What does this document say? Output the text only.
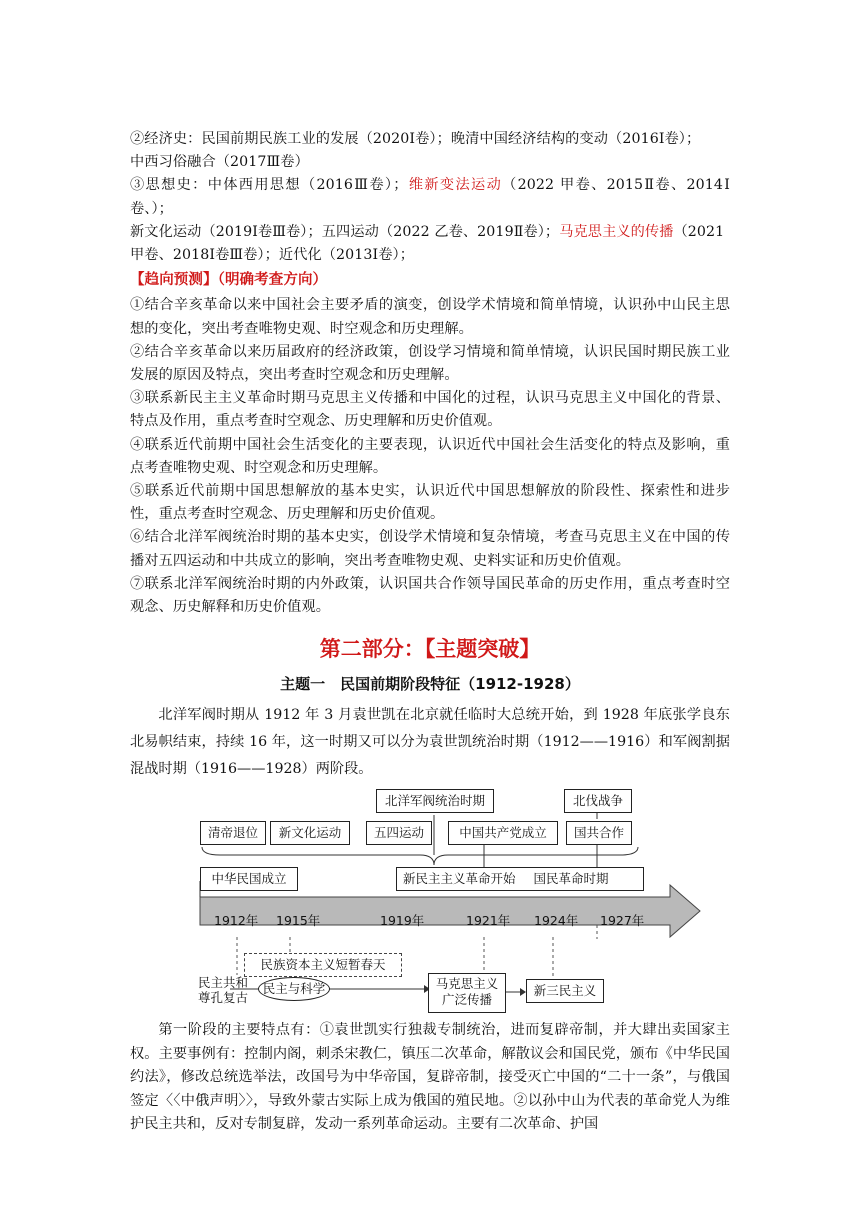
②经济史：民国前期民族工业的发展（2020Ⅰ卷）；晚清中国经济结构的变动（2016Ⅰ卷）；
中西习俗融合（2017Ⅲ卷）

③思想史：中体西用思想（2016Ⅲ卷）；维新变法运动（2022 甲卷、2015Ⅱ卷、2014Ⅰ卷、）；
新文化运动（2019Ⅰ卷Ⅲ卷）；五四运动（2022 乙卷、2019Ⅱ卷）；马克思主义的传播（2021
甲卷、2018Ⅰ卷Ⅲ卷）；近代化（2013Ⅰ卷）；

【趋向预测】（明确考查方向）

①结合辛亥革命以来中国社会主要矛盾的演变，创设学术情境和简单情境，认识孙中山民主思想的变化，突出考查唯物史观、时空观念和历史理解。

②结合辛亥革命以来历届政府的经济政策，创设学习情境和简单情境，认识民国时期民族工业发展的原因及特点，突出考查时空观念和历史理解。

③联系新民主主义革命时期马克思主义传播和中国化的过程，认识马克思主义中国化的背景、特点及作用，重点考查时空观念、历史理解和历史价值观。

④联系近代前期中国社会生活变化的主要表现，认识近代中国社会生活变化的特点及影响，重点考查唯物史观、时空观念和历史理解。

⑤联系近代前期中国思想解放的基本史实，认识近代中国思想解放的阶段性、探索性和进步性，重点考查时空观念、历史理解和历史价值观。

⑥结合北洋军阀统治时期的基本史实，创设学术情境和复杂情境，考查马克思主义在中国的传播对五四运动和中共成立的影响，突出考查唯物史观、史料实证和历史价值观。

⑦联系北洋军阀统治时期的内外政策，认识国共合作领导国民革命的历史作用，重点考查时空观念、历史解释和历史价值观。

第二部分：【主题突破】
主题一　民国前期阶段特征（1912-1928）

北洋军阀时期从 1912 年 3 月袁世凯在北京就任临时大总统开始，到 1928 年底张学良东北易帜结束，持续 16 年，这一时期又可以分为袁世凯统治时期（1912——1916）和军阀割据混战时期（1916——1928）两阶段。

北洋军阀统治时期	北伐战争
清帝退位	新文化运动	五四运动	中国共产党成立	国共合作
中华民国成立	新民主主义革命开始 国民革命时期
1912年 1915年	1919年	1921年 1924年 1927年
民族资本主义短暂春天
民主共和
尊孔复古
民主与科学	马克思主义
广泛传播
新三民主义

第一阶段的主要特点有：①袁世凯实行独裁专制统治，进而复辟帝制，并大肆出卖国家主权。主要事例有：控制内阁，刺杀宋教仁，镇压二次革命，解散议会和国民党，颁布《中华民国约法》，修改总统选举法，改国号为中华帝国，复辟帝制，接受灭亡中国的“二十一条”，与俄国签定〈〈中俄声明〉〉，导致外蒙古实际上成为俄国的殖民地。②以孙中山为代表的革命党人为维护民主共和，反对专制复辟，发动一系列革命运动。主要有二次革命、护国
